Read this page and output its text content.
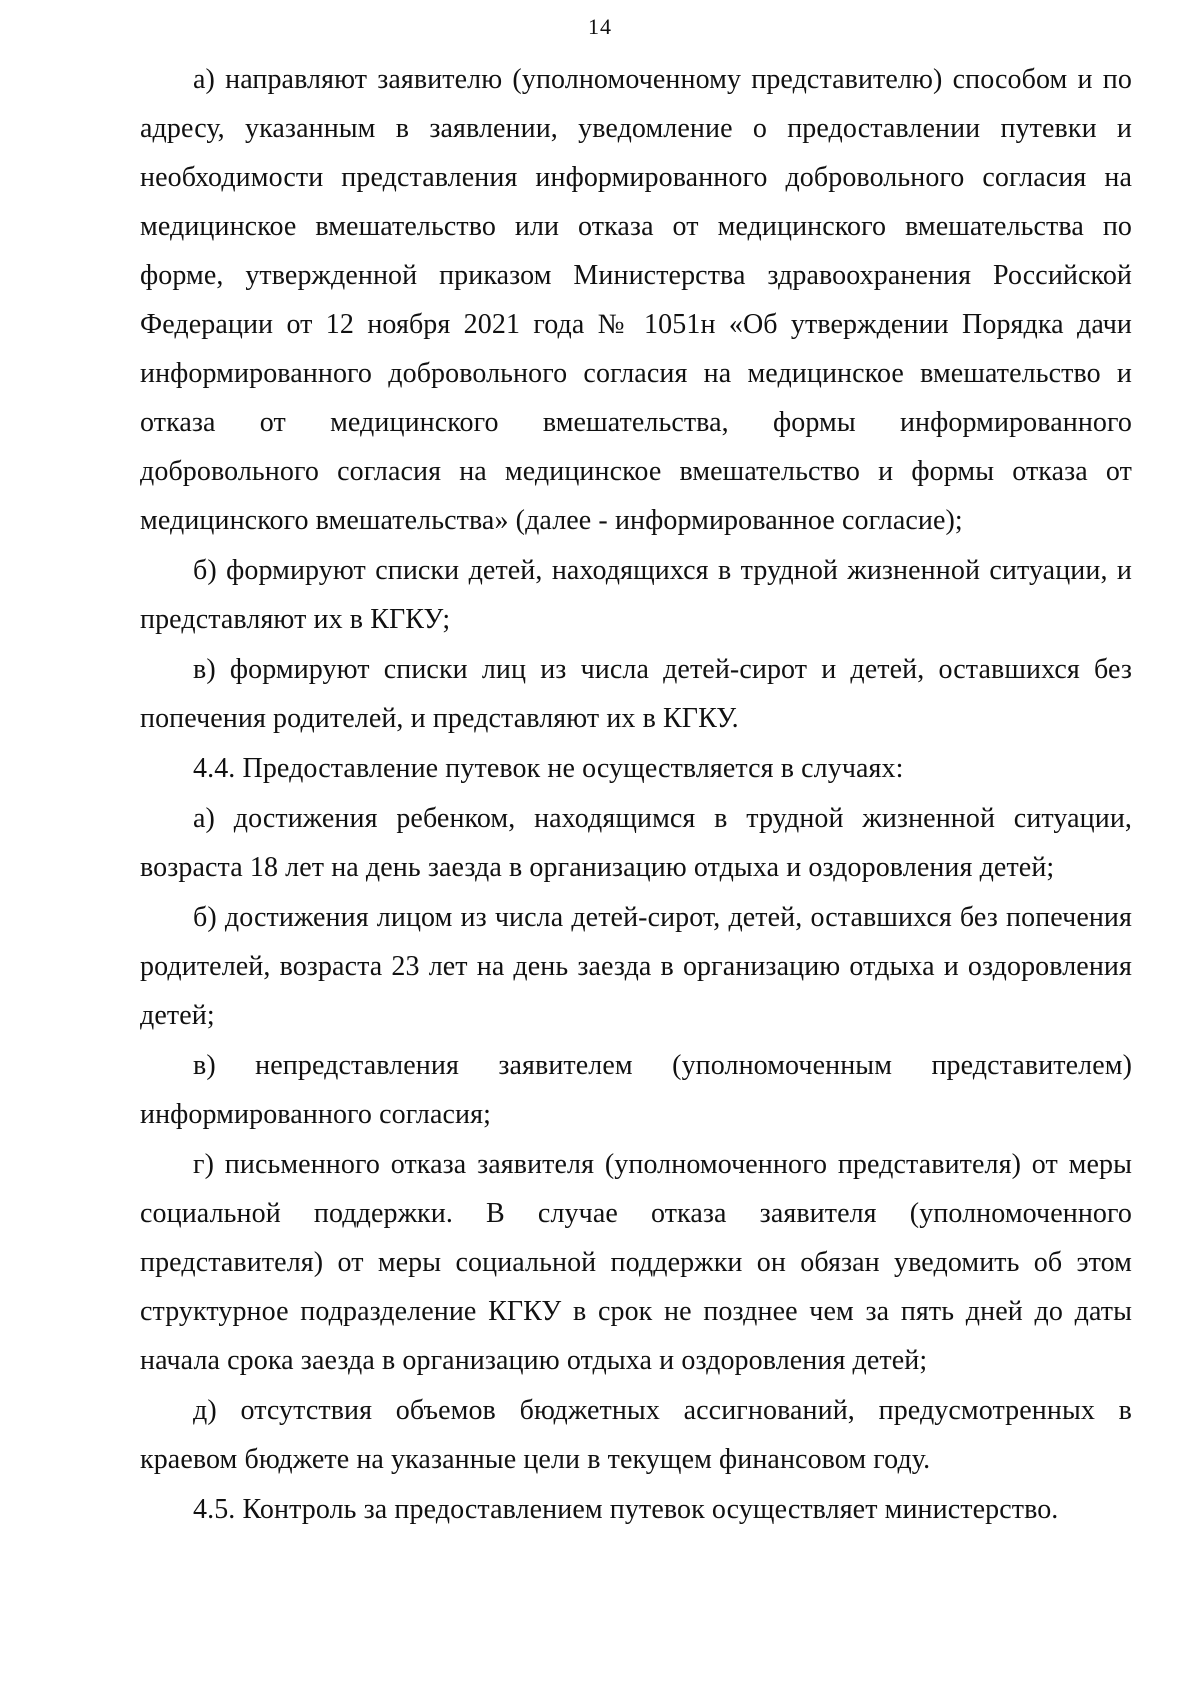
14

а) направляют заявителю (уполномоченному представителю) способом и по адресу, указанным в заявлении, уведомление о предоставлении путевки и необходимости представления информированного добровольного согласия на медицинское вмешательство или отказа от медицинского вмешательства по форме, утвержденной приказом Министерства здравоохранения Российской Федерации от 12 ноября 2021 года № 1051н «Об утверждении Порядка дачи информированного добровольного согласия на медицинское вмешательство и отказа от медицинского вмешательства, формы информированного добровольного согласия на медицинское вмешательство и формы отказа от медицинского вмешательства» (далее - информированное согласие);

б) формируют списки детей, находящихся в трудной жизненной ситуации, и представляют их в КГКУ;

в) формируют списки лиц из числа детей-сирот и детей, оставшихся без попечения родителей, и представляют их в КГКУ.

4.4. Предоставление путевок не осуществляется в случаях:

а) достижения ребенком, находящимся в трудной жизненной ситуации, возраста 18 лет на день заезда в организацию отдыха и оздоровления детей;

б) достижения лицом из числа детей-сирот, детей, оставшихся без попечения родителей, возраста 23 лет на день заезда в организацию отдыха и оздоровления детей;

в) непредставления заявителем (уполномоченным представителем) информированного согласия;

г) письменного отказа заявителя (уполномоченного представителя) от меры социальной поддержки. В случае отказа заявителя (уполномоченного представителя) от меры социальной поддержки он обязан уведомить об этом структурное подразделение КГКУ в срок не позднее чем за пять дней до даты начала срока заезда в организацию отдыха и оздоровления детей;

д) отсутствия объемов бюджетных ассигнований, предусмотренных в краевом бюджете на указанные цели в текущем финансовом году.

4.5. Контроль за предоставлением путевок осуществляет министерство.
